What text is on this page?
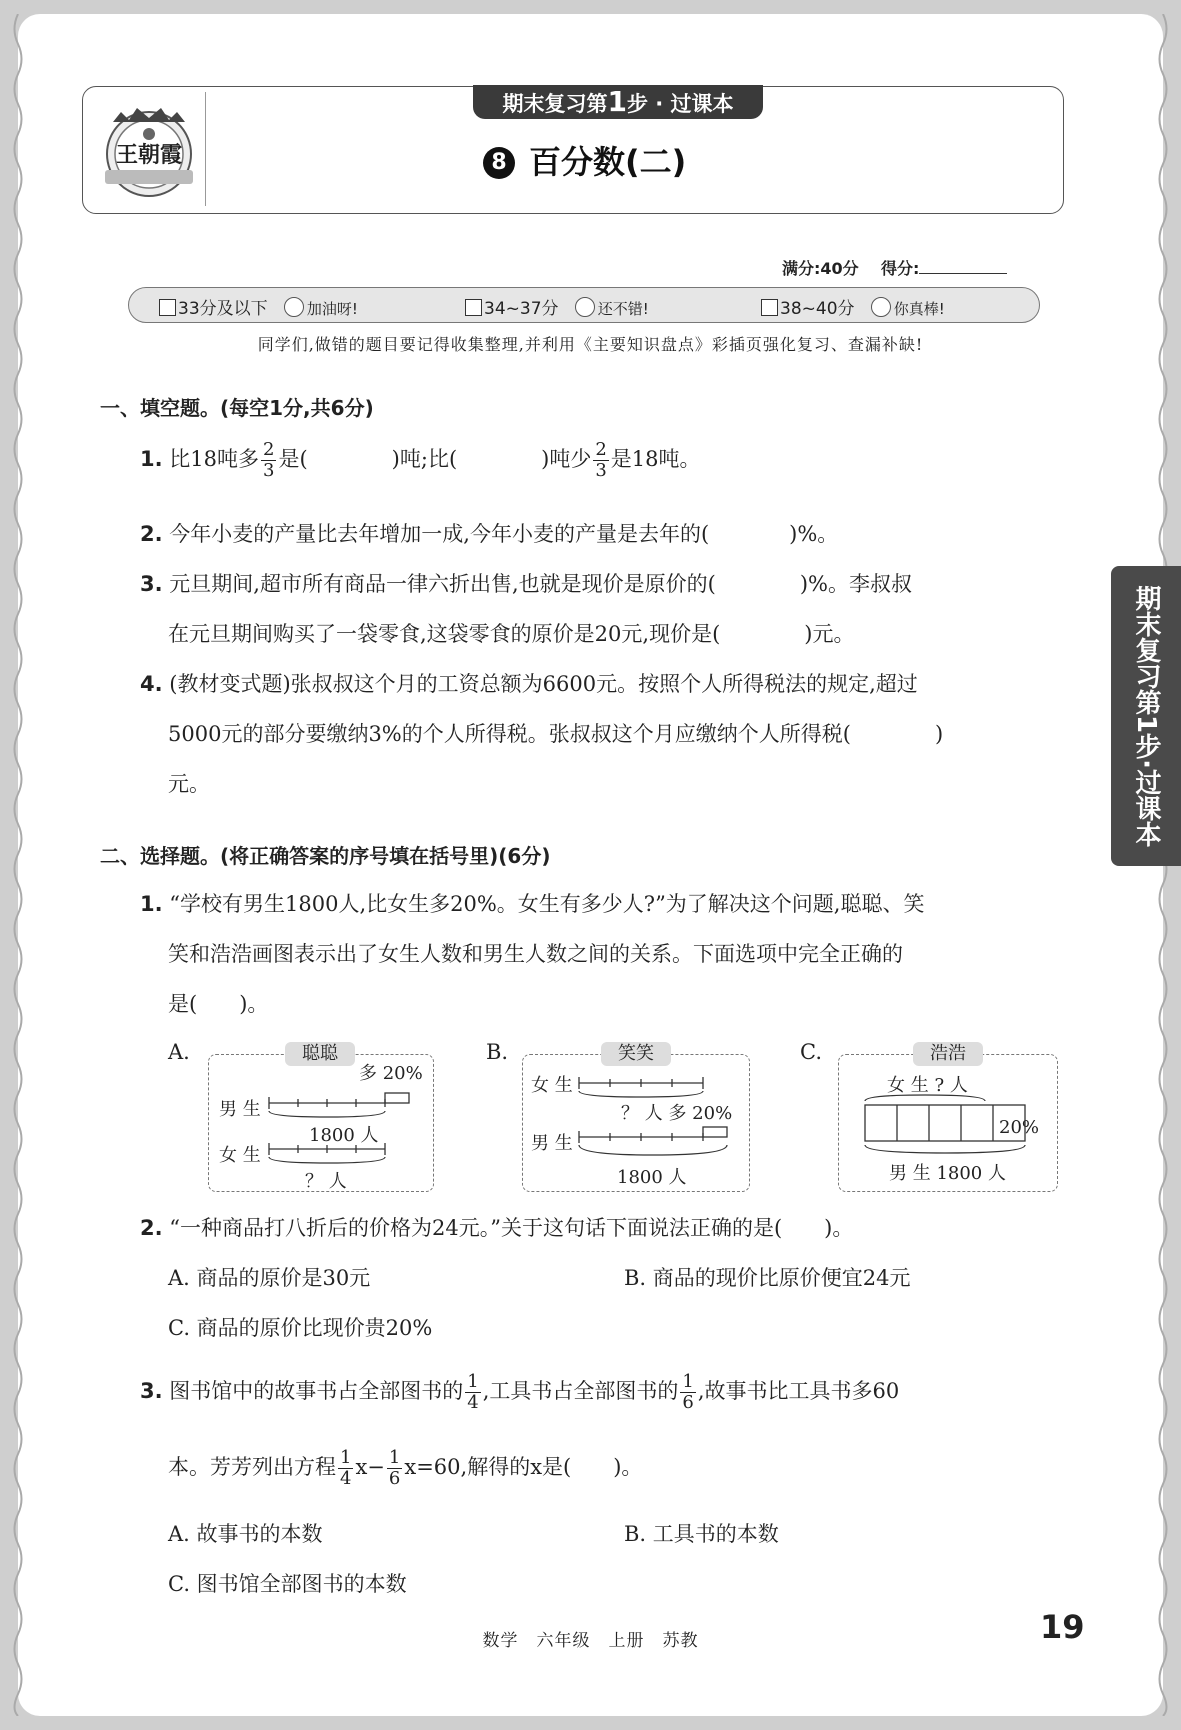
王朝霞
期末复习第1步 · 过课本
8 百分数(二)
满分:40分 得分:
33分及以下	加油呀!	34~37分	还不错!	38~40分	你真棒!
同学们,做错的题目要记得收集整理,并利用《主要知识盘点》彩插页强化复习、查漏补缺!
期末复习第1步·过课本
一、填空题。(每空1分,共6分)
1. 比18吨多 $\frac{2}{3}$ 是(	)吨;比(	)吨少 $\frac{2}{3}$ 是18吨。
2. 今年小麦的产量比去年增加一成,今年小麦的产量是去年的(	)%。
3. 元旦期间,超市所有商品一律六折出售,也就是现价是原价的(	)%。李叔叔
在元旦期间购买了一袋零食,这袋零食的原价是20元,现价是(	)元。
4. (教材变式题)张叔叔这个月的工资总额为6600元。按照个人所得税法的规定,超过
5000元的部分要缴纳3%的个人所得税。张叔叔这个月应缴纳个人所得税(	)
元。
二、选择题。(将正确答案的序号填在括号里)(6分)
1. “学校有男生1800人,比女生多20%。女生有多少人?”为了解决这个问题,聪聪、笑
笑和浩浩画图表示出了女生人数和男生人数之间的关系。下面选项中完全正确的
是(　　)。
A.	聪聪
多 20%
男 生
1800 人
女 生
？ 人
B.	笑笑
女 生
？ 人 多 20%
男 生
1800 人
C.	浩浩
女 生 ? 人
20%
男 生 1800 人
2. “一种商品打八折后的价格为24元。”关于这句话下面说法正确的是(　　)。
A. 商品的原价是30元	B. 商品的现价比原价便宜24元
C. 商品的原价比现价贵20%
3. 图书馆中的故事书占全部图书的 $\frac{1}{4}$ ,工具书占全部图书的 $\frac{1}{6}$ ,故事书比工具书多60
本。芳芳列出方程 $\frac{1}{4} x- \frac{1}{6} x=60$,解得的x是(　　)。
A. 故事书的本数	B. 工具书的本数
C. 图书馆全部图书的本数
数学　六年级　上册　苏教	19
